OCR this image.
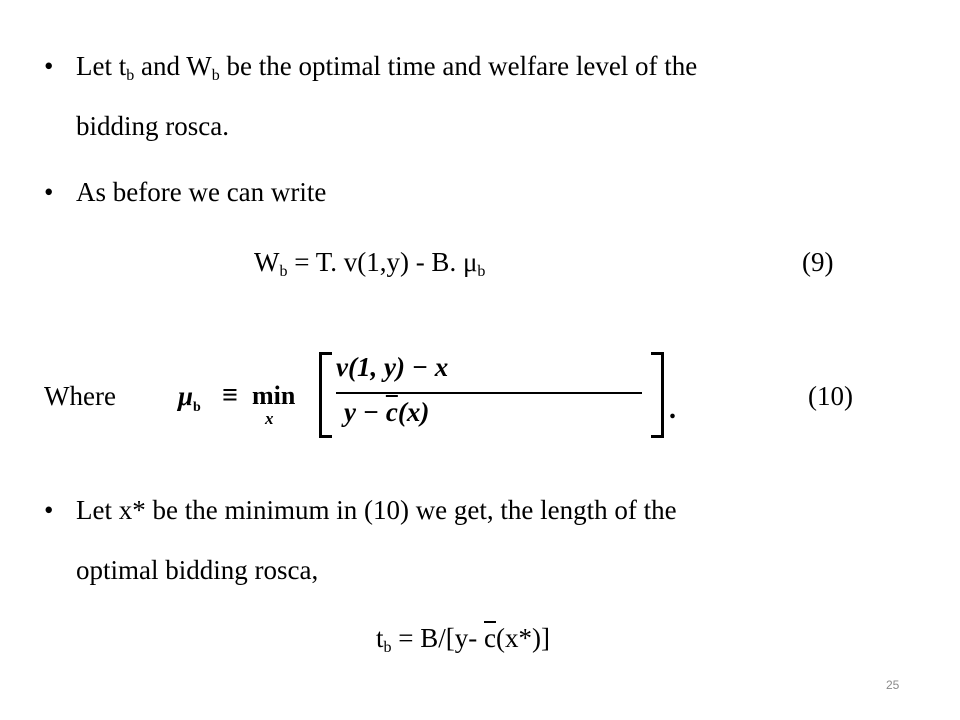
• Let $t_b$ and $W_b$ be the optimal time and welfare level of the
bidding rosca.
• As before we can write
$W_b = T$. v(1,y) - B. $\mu_b$	(9)
Where $\mu_b \equiv \min$
x
v(1, y) − x
$y - \overline{c}(x)$	.	(10)
• Let x* be the minimum in (10) we get, the length of the
optimal bidding rosca,
$t_b = B/[y-$ $\overline{c}(x*)$]
25
